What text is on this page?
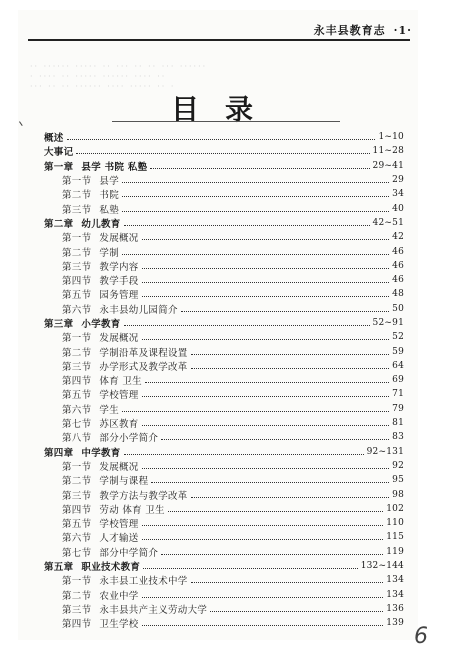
永丰县教育志 ·1·
·· ······ ····· ·· ··· ·· ·· ··· ······
· ···· ·· ····· ······ ···· ··
··· ·· ·· ······ ···· ····· ·· ·
目录
概述	1~10
大事记	11~28
第一章 县学 书院 私塾	29~41
第一节 县学	29
第二节 书院	34
第三节 私塾	40
第二章 幼儿教育	42~51
第一节 发展概况	42
第二节 学制	46
第三节 教学内容	46
第四节 教学手段	46
第五节 园务管理	48
第六节 永丰县幼儿园简介	50
第三章 小学教育	52~91
第一节 发展概况	52
第二节 学制沿革及课程设置	59
第三节 办学形式及教学改革	64
第四节 体育 卫生	69
第五节 学校管理	71
第六节 学生	79
第七节 苏区教育	81
第八节 部分小学简介	83
第四章 中学教育	92~131
第一节 发展概况	92
第二节 学制与课程	95
第三节 教学方法与教学改革	98
第四节 劳动 体育 卫生	102
第五节 学校管理	110
第六节 人才输送	115
第七节 部分中学简介	119
第五章 职业技术教育	132~144
第一节 永丰县工业技术中学	134
第二节 农业中学	134
第三节 永丰县共产主义劳动大学	136
第四节 卫生学校	139
6
